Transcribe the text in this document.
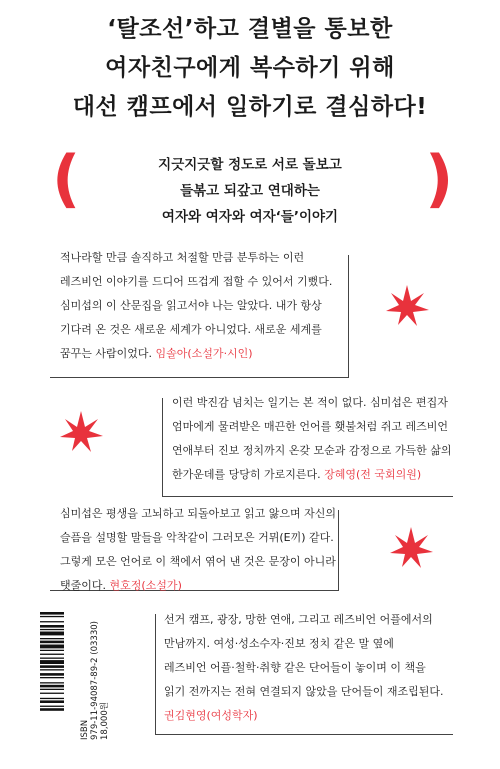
‘탈조선’하고 결별을 통보한
여자친구에게 복수하기 위해
대선 캠프에서 일하기로 결심하다!
(	)
지긋지긋할 정도로 서로 돌보고
들볶고 되갚고 연대하는
여자와 여자와 여자‘들’이야기
적나라할 만큼 솔직하고 처절할 만큼 분투하는 이런
레즈비언 이야기를 드디어 뜨겁게 접할 수 있어서 기뻤다.
심미섭의 이 산문집을 읽고서야 나는 알았다. 내가 항상
기다려 온 것은 새로운 세계가 아니었다. 새로운 세계를
꿈꾸는 사람이었다. 임솔아(소설가·시인)
이런 박진감 넘치는 일기는 본 적이 없다. 심미섭은 편집자
엄마에게 물려받은 매끈한 언어를 횃불처럼 쥐고 레즈비언
연애부터 진보 정치까지 온갖 모순과 감정으로 가득한 삶의
한가운데를 당당히 가로지른다. 장혜영(전 국회의원)
심미섭은 평생을 고뇌하고 되돌아보고 읽고 앓으며 자신의
슬픔을 설명할 말들을 악착같이 그러모은 거뮈(E끼) 같다.
그렇게 모은 언어로 이 책에서 엮어 낸 것은 문장이 아니라
탯줄이다. 현호정(소설가)
선거 캠프, 광장, 망한 연애, 그리고 레즈비언 어플에서의
만남까지. 여성·성소수자·진보 정치 같은 말 옆에
레즈비언 어플·철학·취향 같은 단어들이 놓이며 이 책을
읽기 전까지는 전혀 연결되지 않았을 단어들이 재조립된다.
권김현영(여성학자)
ISBN 979-11-94087-89-2 (03330) 18,000원
